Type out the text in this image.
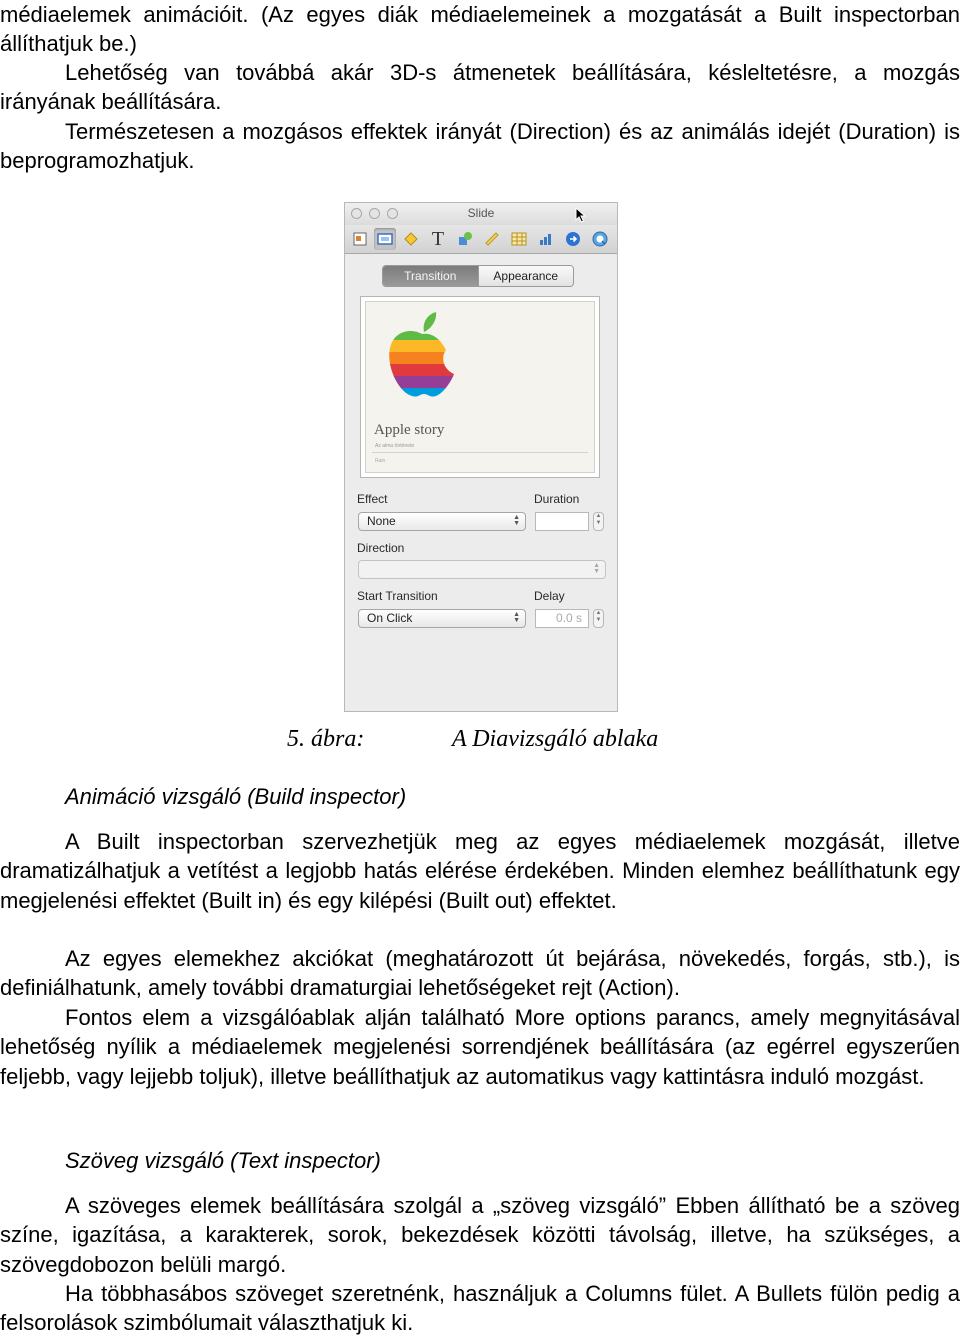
médiaelemek animációit. (Az egyes diák médiaelemeinek a mozgatását a Built inspectorban állíthatjuk be.)

Lehetőség van továbbá akár 3D-s átmenetek beállítására, késleltetésre, a mozgás irányának beállítására.

Természetesen a mozgásos effektek irányát (Direction) és az animálás idejét (Duration) is beprogramozhatjuk.

Slide
T
Transition	Appearance
Apple story
Az alma története
Rain
Effect	Duration
None	▲
▼
▲
▼
Direction
▲
▼
Start Transition	Delay
On Click	▲
▼	0.0 s	▲
▼
5. ábra:	A Diavizsgáló ablaka
Animáció vizsgáló (Build inspector)

A Built inspectorban szervezhetjük meg az egyes médiaelemek mozgását, illetve dramatizálhatjuk a vetítést a legjobb hatás elérése érdekében. Minden elemhez beállíthatunk egy megjelenési effektet (Built in) és egy kilépési (Built out) effektet.

Az egyes elemekhez akciókat (meghatározott út bejárása, növekedés, forgás, stb.), is definiálhatunk, amely további dramaturgiai lehetőségeket rejt (Action).

Fontos elem a vizsgálóablak alján található More options parancs, amely megnyitásával lehetőség nyílik a médiaelemek megjelenési sorrendjének beállítására (az egérrel egyszerűen feljebb, vagy lejjebb toljuk), illetve beállíthatjuk az automatikus vagy kattintásra induló mozgást.

Szöveg vizsgáló (Text inspector)

A szöveges elemek beállítására szolgál a „szöveg vizsgáló” Ebben állítható be a szöveg színe, igazítása, a karakterek, sorok, bekezdések közötti távolság, illetve, ha szükséges, a szövegdobozon belüli margó.

Ha többhasábos szöveget szeretnénk, használjuk a Columns fület. A Bullets fülön pedig a felsorolások szimbólumait választhatjuk ki.
